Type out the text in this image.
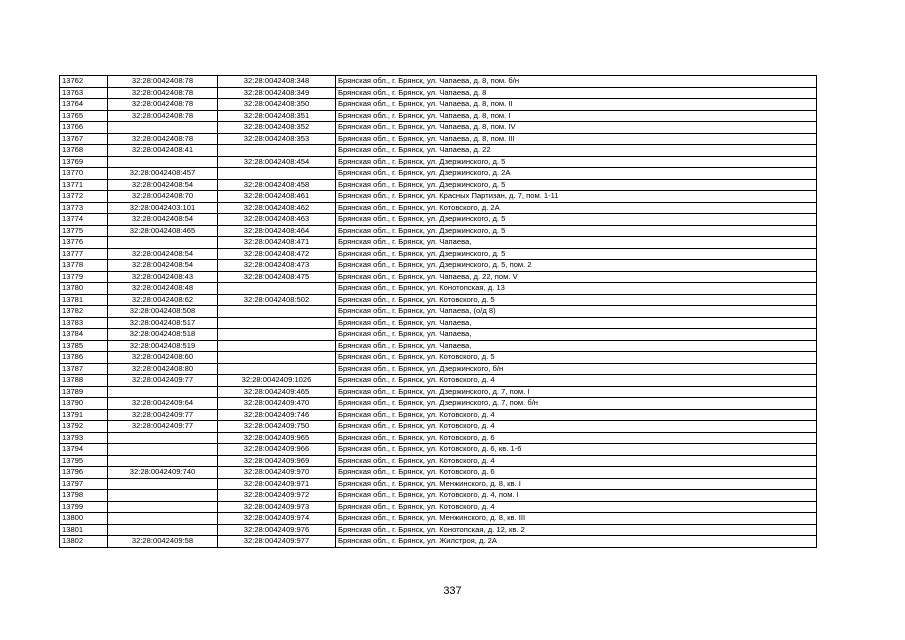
13762	32:28:0042408:78	32:28:0042408:348	Брянская обл., г. Брянск, ул. Чапаева, д. 8, пом. б/н
13763	32:28:0042408:78	32:28:0042408:349	Брянская обл., г. Брянск, ул. Чапаева, д. 8
13764	32:28:0042408:78	32:28:0042408:350	Брянская обл., г. Брянск, ул. Чапаева, д. 8, пом. II
13765	32:28:0042408:78	32:28:0042408:351	Брянская обл., г. Брянск, ул. Чапаева, д. 8, пом. I
13766		32:28:0042408:352	Брянская обл., г. Брянск, ул. Чапаева, д. 8, пом. IV
13767	32:28:0042408:78	32:28:0042408:353	Брянская обл., г. Брянск, ул. Чапаева, д. 8, пом. III
13768	32:28:0042408:41		Брянская обл., г. Брянск, ул. Чапаева, д. 22
13769		32:28:0042408:454	Брянская обл., г. Брянск, ул. Дзержинского, д. 5
13770	32:28:0042408:457		Брянская обл., г. Брянск, ул. Дзержинского, д. 2А
13771	32:28:0042408:54	32:28:0042408:458	Брянская обл., г. Брянск, ул. Дзержинского, д. 5
13772	32:28:0042408:70	32:28:0042408:461	Брянская обл., г. Брянск, ул. Красных Партизан, д. 7, пом. 1-11
13773	32:28:0042403:101	32:28:0042408:462	Брянская обл., г. Брянск, ул. Котовского, д. 2А
13774	32:28:0042408:54	32:28:0042408:463	Брянская обл., г. Брянск, ул. Дзержинского, д. 5
13775	32:28:0042408:465	32:28:0042408:464	Брянская обл., г. Брянск, ул. Дзержинского, д. 5
13776		32:28:0042408:471	Брянская обл., г. Брянск, ул. Чапаева,
13777	32:28:0042408:54	32:28:0042408:472	Брянская обл., г. Брянск, ул. Дзержинского, д. 5
13778	32:28:0042408:54	32:28:0042408:473	Брянская обл., г. Брянск, ул. Дзержинского, д. 5, пом. 2
13779	32:28:0042408:43	32:28:0042408:475	Брянская обл., г. Брянск, ул. Чапаева, д. 22, пом. V
13780	32:28:0042408:48		Брянская обл., г. Брянск, ул. Конотопская, д. 13
13781	32:28:0042408:62	32:28:0042408:502	Брянская обл., г. Брянск, ул. Котовского, д. 5
13782	32:28:0042408:508		Брянская обл., г. Брянск, ул. Чапаева, (о/д 8)
13783	32:28:0042408:517		Брянская обл., г. Брянск, ул. Чапаева,
13784	32:28:0042408:518		Брянская обл., г. Брянск, ул. Чапаева,
13785	32:28:0042408:519		Брянская обл., г. Брянск, ул. Чапаева,
13786	32:28:0042408:60		Брянская обл., г. Брянск, ул. Котовского, д. 5
13787	32:28:0042408:80		Брянская обл., г. Брянск, ул. Дзержинского, б/н
13788	32:28:0042409:77	32:28:0042409:1026	Брянская обл., г. Брянск, ул. Котовского, д. 4
13789		32:28:0042409:465	Брянская обл., г. Брянск, ул. Дзержинского, д. 7, пом. I
13790	32:28:0042409:64	32:28:0042409:470	Брянская обл., г. Брянск, ул. Дзержинского, д. 7, пом. б/н
13791	32:28:0042409:77	32:28:0042409:746	Брянская обл., г. Брянск, ул. Котовского, д. 4
13792	32:28:0042409:77	32:28:0042409:750	Брянская обл., г. Брянск, ул. Котовского, д. 4
13793		32:28:0042409:965	Брянская обл., г. Брянск, ул. Котовского, д. 6
13794		32:28:0042409:966	Брянская обл., г. Брянск, ул. Котовского, д. 6, кв. 1-6
13795		32:28:0042409:969	Брянская обл., г. Брянск, ул. Котовского, д. 4
13796	32:28:0042409:740	32:28:0042409:970	Брянская обл., г. Брянск, ул. Котовского, д. 6
13797		32:28:0042409:971	Брянская обл., г. Брянск, ул. Менжинского, д. 8, кв. I
13798		32:28:0042409:972	Брянская обл., г. Брянск, ул. Котовского, д. 4, пом. I
13799		32:28:0042409:973	Брянская обл., г. Брянск, ул. Котовского, д. 4
13800		32:28:0042409:974	Брянская обл., г. Брянск, ул. Менжинского, д. 8, кв. III
13801		32:28:0042409:976	Брянская обл., г. Брянск, ул. Конотопская, д. 12, кв. 2
13802	32:28:0042409:58	32:28:0042409:977	Брянская обл., г. Брянск, ул. Жилстроя, д. 2А
337
